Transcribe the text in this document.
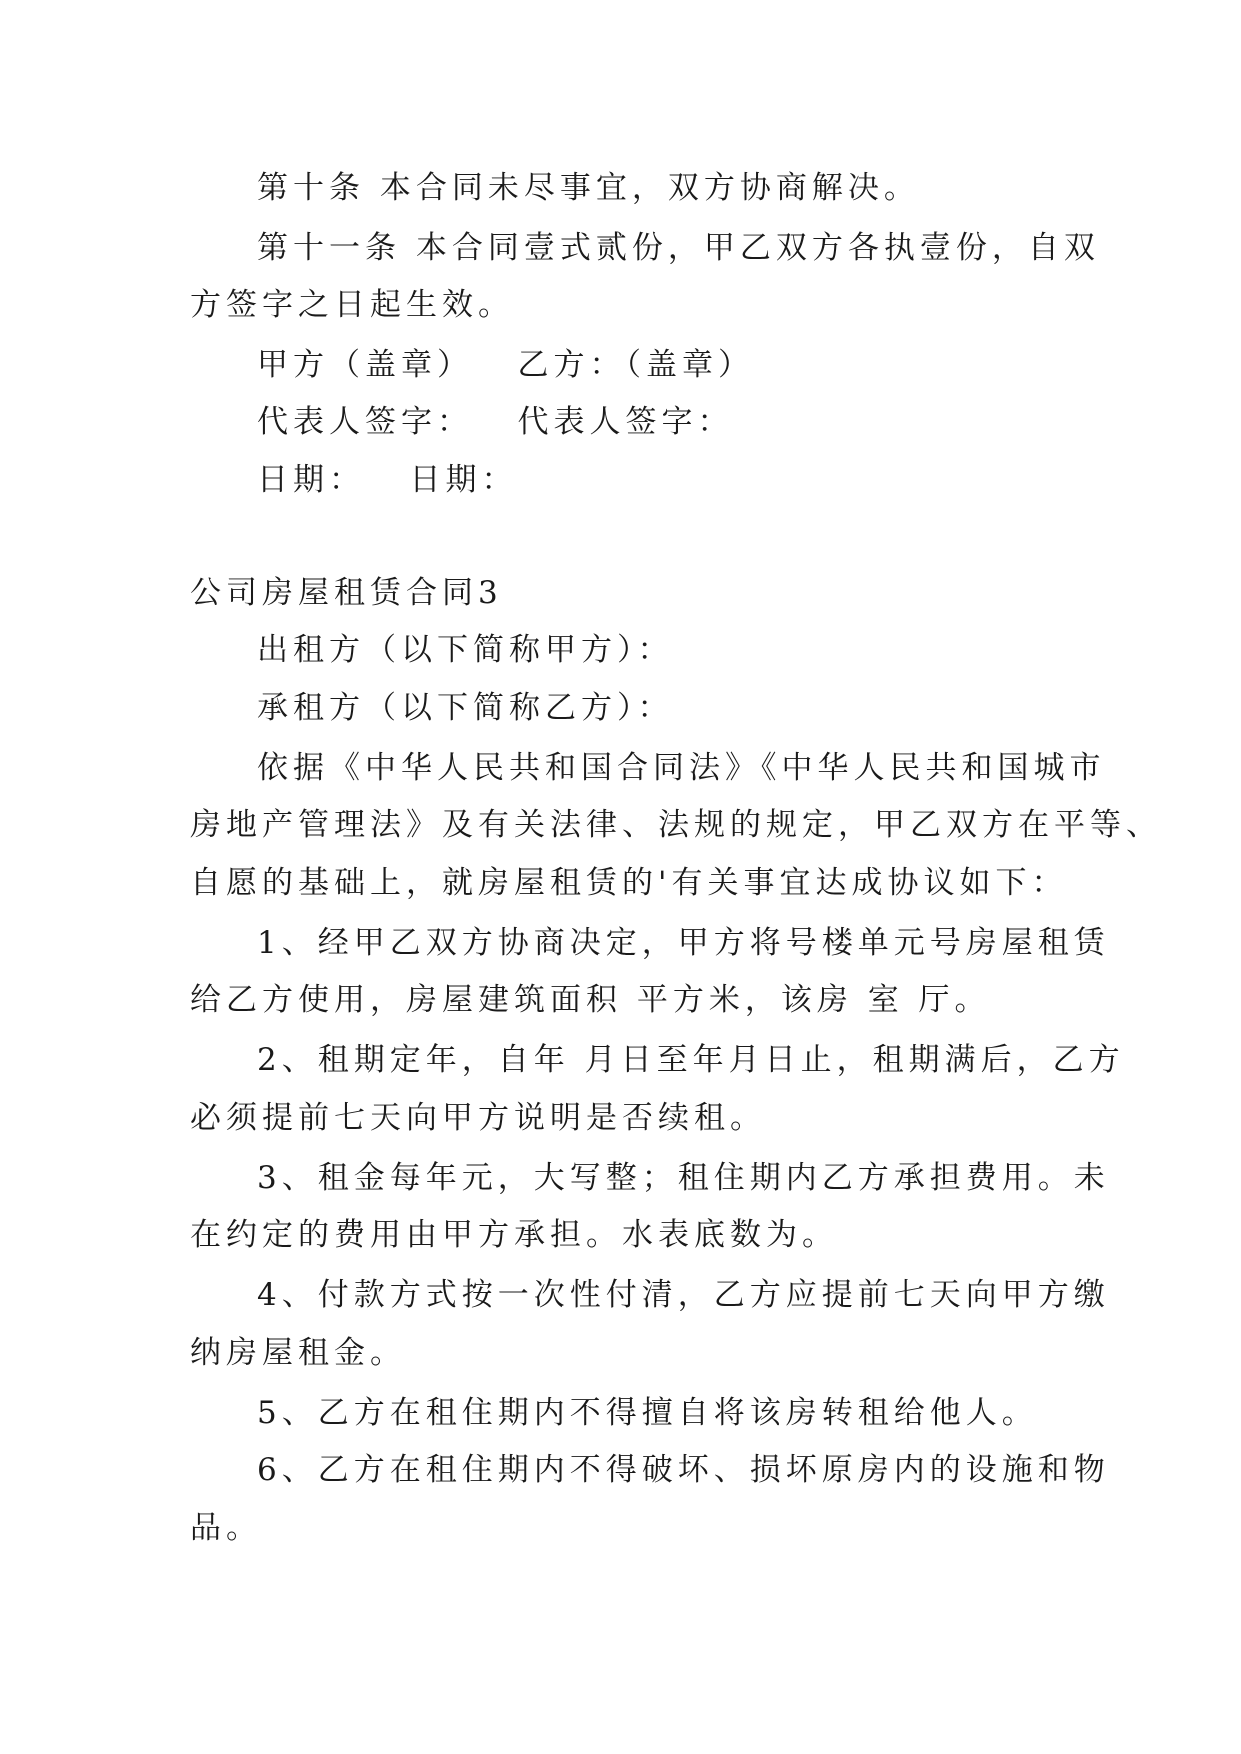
第十条 本合同未尽事宜，双方协商解决。
第十一条 本合同壹式贰份，甲乙双方各执壹份，自双
方签字之日起生效。
甲方（盖章）   乙方：（盖章）
代表人签字：   代表人签字：
日期：   日期：
公司房屋租赁合同3
出租方（以下简称甲方）：
承租方（以下简称乙方）：
依据《中华人民共和国合同法》《中华人民共和国城市
房地产管理法》及有关法律、法规的规定，甲乙双方在平等、
自愿的基础上，就房屋租赁的'有关事宜达成协议如下：
1、经甲乙双方协商决定，甲方将号楼单元号房屋租赁
给乙方使用，房屋建筑面积 平方米，该房 室 厅。
2、租期定年，自年 月日至年月日止，租期满后，乙方
必须提前七天向甲方说明是否续租。
3、租金每年元，大写整；租住期内乙方承担费用。未
在约定的费用由甲方承担。水表底数为。
4、付款方式按一次性付清，乙方应提前七天向甲方缴
纳房屋租金。
5、乙方在租住期内不得擅自将该房转租给他人。
6、乙方在租住期内不得破坏、损坏原房内的设施和物
品。
